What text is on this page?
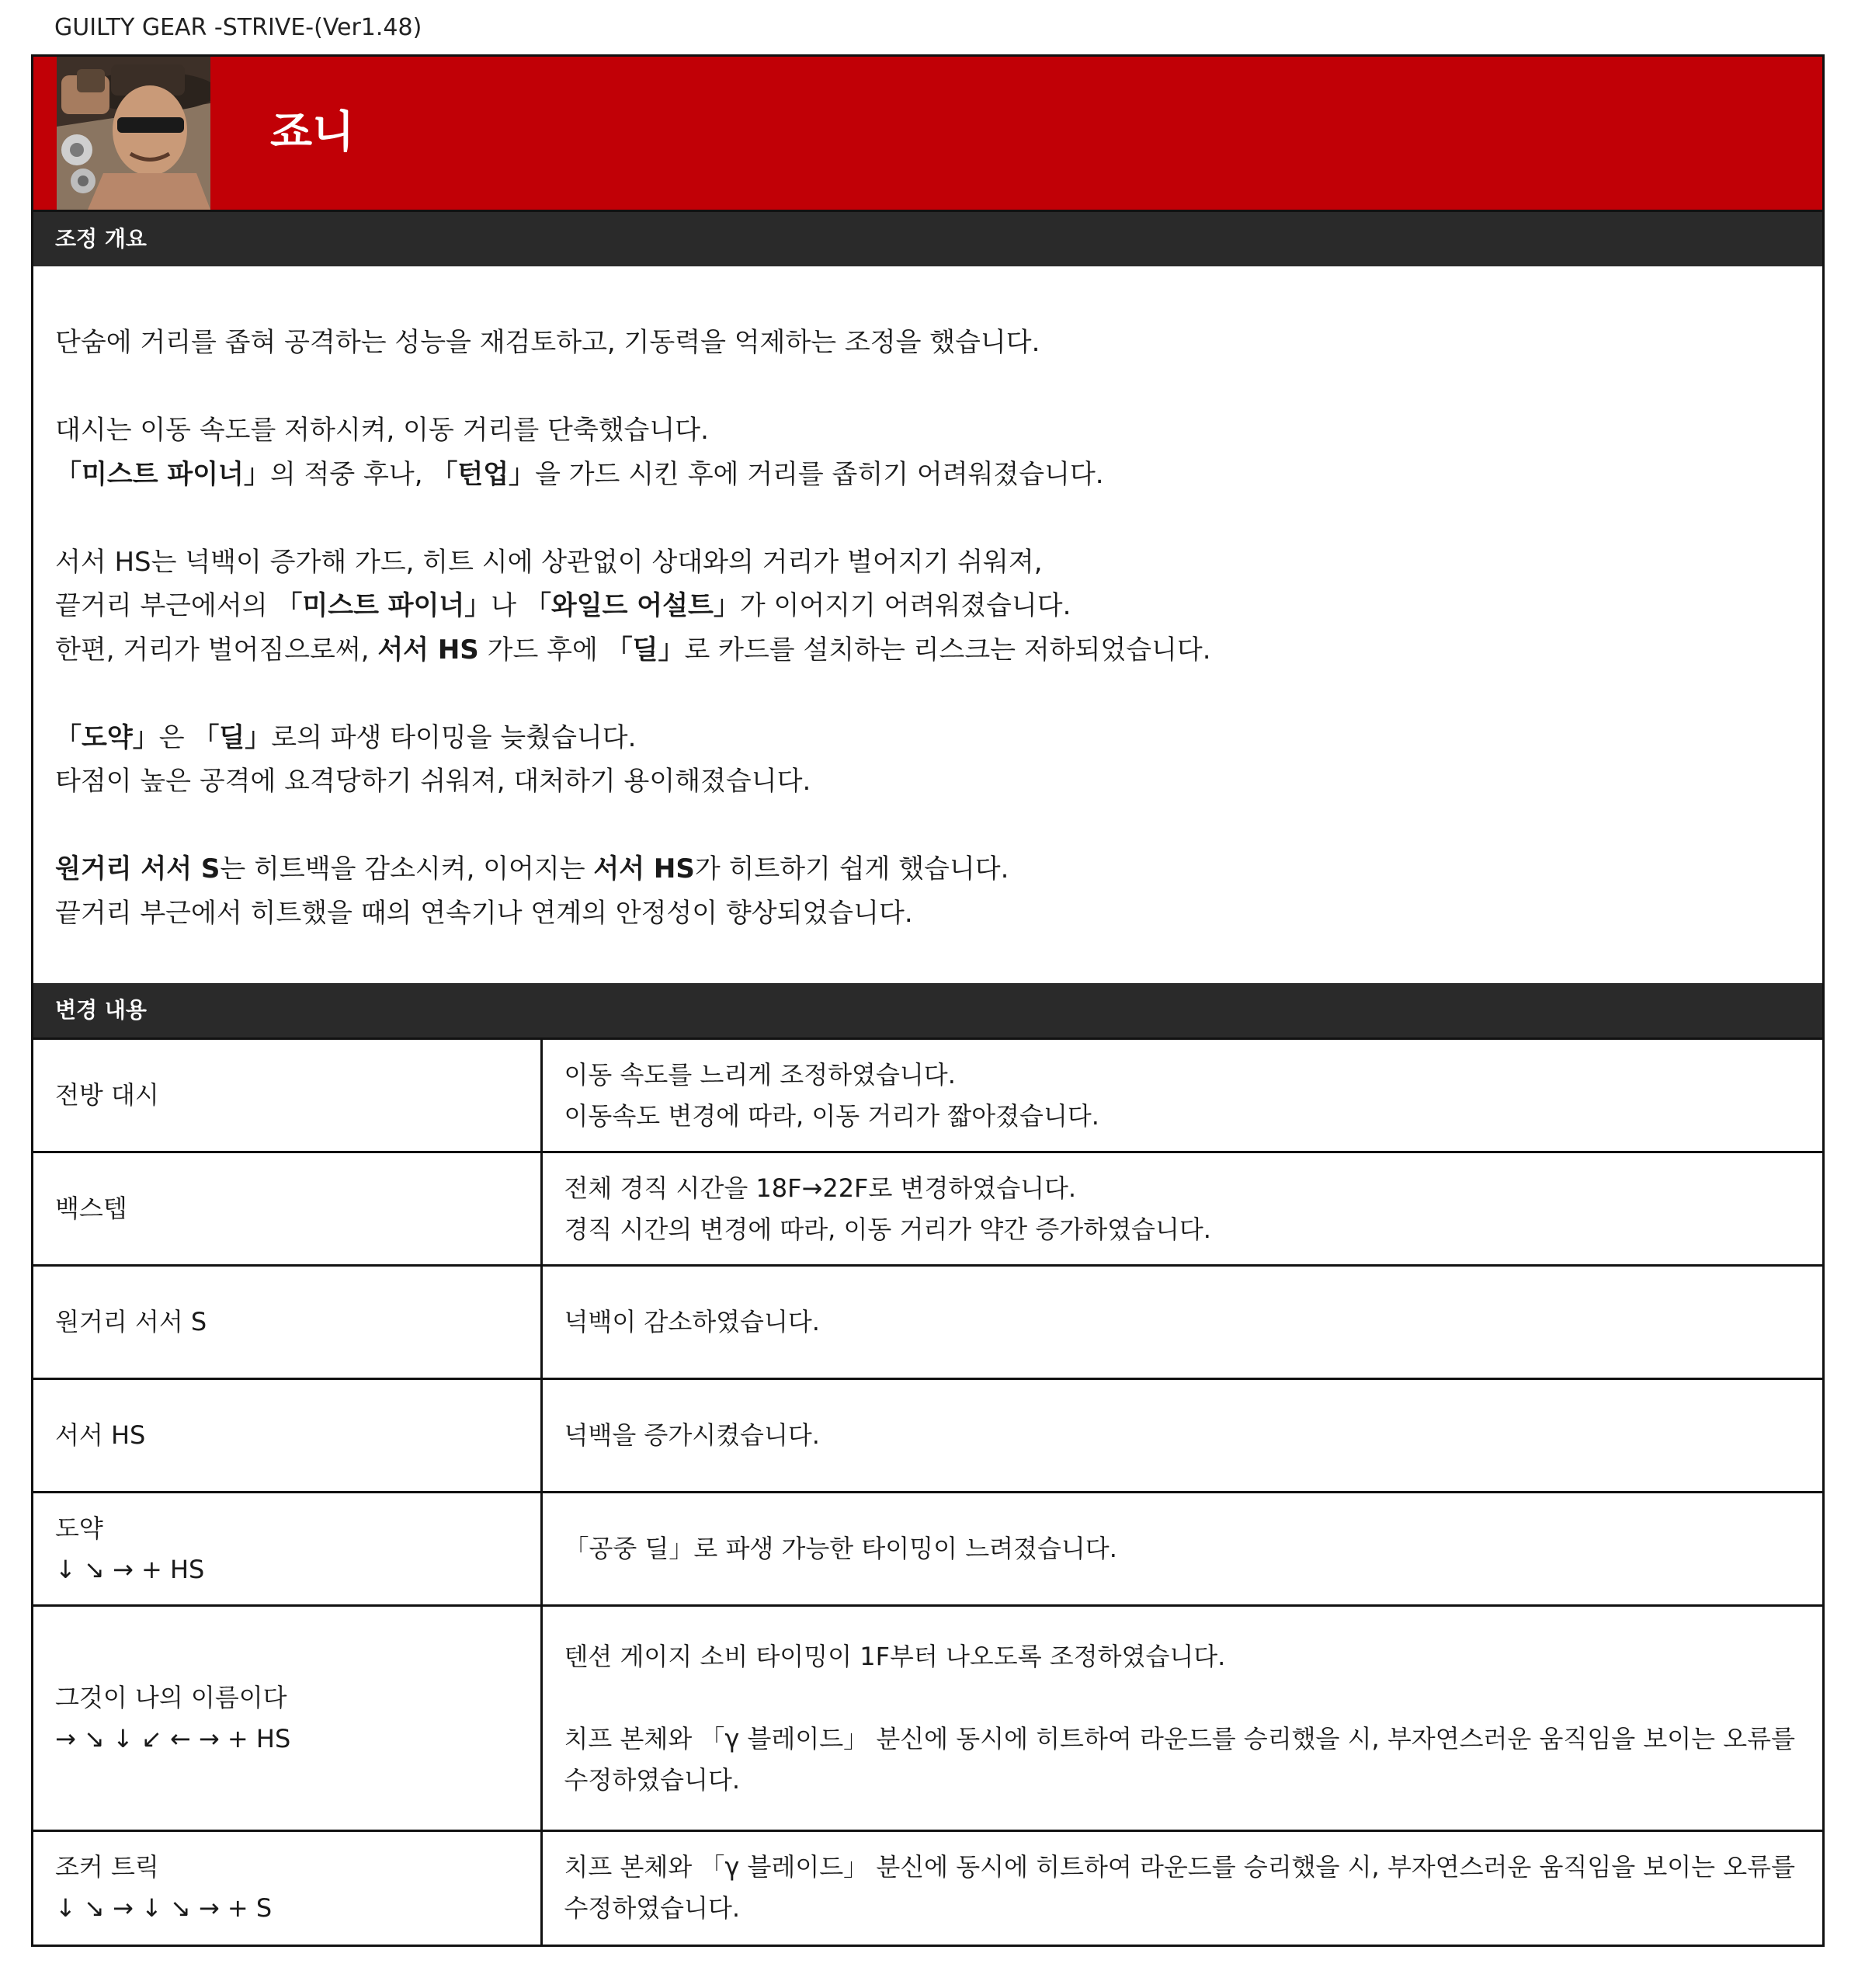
GUILTY GEAR -STRIVE-(Ver1.48)
죠니
조정 개요

단숨에 거리를 좁혀 공격하는 성능을 재검토하고, 기동력을 억제하는 조정을 했습니다.

대시는 이동 속도를 저하시켜, 이동 거리를 단축했습니다.
「미스트 파이너」의 적중 후나, 「턴업」을 가드 시킨 후에 거리를 좁히기 어려워졌습니다.

서서 HS는 넉백이 증가해 가드, 히트 시에 상관없이 상대와의 거리가 벌어지기 쉬워져,
끝거리 부근에서의 「미스트 파이너」나 「와일드 어설트」가 이어지기 어려워졌습니다.
한편, 거리가 벌어짐으로써, 서서 HS 가드 후에 「딜」로 카드를 설치하는 리스크는 저하되었습니다.

「도약」은 「딜」로의 파생 타이밍을 늦췄습니다.
타점이 높은 공격에 요격당하기 쉬워져, 대처하기 용이해졌습니다.

원거리 서서 S는 히트백을 감소시켜, 이어지는 서서 HS가 히트하기 쉽게 했습니다.
끝거리 부근에서 히트했을 때의 연속기나 연계의 안정성이 향상되었습니다.

변경 내용
전방 대시	이동 속도를 느리게 조정하였습니다.
이동속도 변경에 따라, 이동 거리가 짧아졌습니다.

백스텝	전체 경직 시간을 18F→22F로 변경하였습니다.
경직 시간의 변경에 따라, 이동 거리가 약간 증가하였습니다.

원거리 서서 S	넉백이 감소하였습니다.

서서 HS	넉백을 증가시켰습니다.

도약
↓ ↘ → + HS	「공중 딜」로 파생 가능한 타이밍이 느려졌습니다.

그것이 나의 이름이다
→ ↘ ↓ ↙ ← → + HS	텐션 게이지 소비 타이밍이 1F부터 나오도록 조정하였습니다.
치프 본체와 「γ 블레이드」 분신에 동시에 히트하여 라운드를 승리했을 시, 부자연스러운 움직임을 보이는 오류를
수정하였습니다.

조커 트릭
↓ ↘ → ↓ ↘ → + S	치프 본체와 「γ 블레이드」 분신에 동시에 히트하여 라운드를 승리했을 시, 부자연스러운 움직임을 보이는 오류를
수정하였습니다.
